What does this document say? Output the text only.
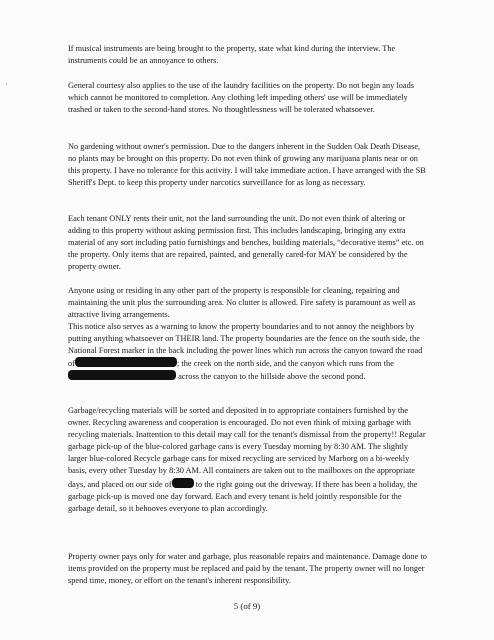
'

If musical instruments are being brought to the property, state what kind during the interview. The instruments could be an annoyance to others.

General courtesy also applies to the use of the laundry facilities on the property. Do not begin any loads which cannot be monitored to completion. Any clothing left impeding others' use will be immediately trashed or taken to the second-hand stores. No thoughtlessness will be tolerated whatsoever.

No gardening without owner's permission. Due to the dangers inherent in the Sudden Oak Death Disease, no plants may be brought on this property. Do not even think of growing any marijuana plants near or on this property. I have no tolerance for this activity. I will take immediate action. I have arranged with the SB Sheriff's Dept. to keep this property under narcotics surveillance for as long as necessary.

Each tenant ONLY rents their unit, not the land surrounding the unit. Do not even think of altering or adding to this property without asking permission first. This includes landscaping, bringing any extra material of any sort including patio furnishings and benches, building materials, “decorative items” etc. on the property. Only items that are repaired, painted, and generally cared-for MAY be considered by the property owner.

Anyone using or residing in any other part of the property is responsible for cleaning, repairing and maintaining the unit plus the surrounding area. No clutter is allowed. Fire safety is paramount as well as attractive living arrangements.

This notice also serves as a warning to know the property boundaries and to not annoy the neighbors by putting anything whatsoever on THEIR land. The property boundaries are the fence on the south side, the National Forest marker in the back including the power lines which run across the canyon toward the road of	; the creek on the north side, and the canyon which runs from the across the canyon to the hillside above the second pond.

Garbage/recycling materials will be sorted and deposited in to appropriate containers furnished by the owner. Recycling awareness and cooperation is encouraged. Do not even think of mixing garbage with recycling materials. Inattention to this detail may call for the tenant's dismissal from the property!! Regular garbage pick-up of the blue-colored garbage cans is every Tuesday morning by 8:30 AM. The slightly larger blue-colored Recycle garbage cans for mixed recycling are serviced by Marborg on a bi-weekly basis, every other Tuesday by 8:30 AM. All containers are taken out to the mailboxes on the appropriate days, and placed on our side of	to the right going out the driveway. If there has been a holiday, the garbage pick-up is moved one day forward. Each and every tenant is held jointly responsible for the garbage detail, so it behooves everyone to plan accordingly.

Property owner pays only for water and garbage, plus reasonable repairs and maintenance. Damage done to items provided on the property must be replaced and paid by the tenant. The property owner will no longer spend time, money, or effort on the tenant's inherent responsibility.

5 (of 9)
